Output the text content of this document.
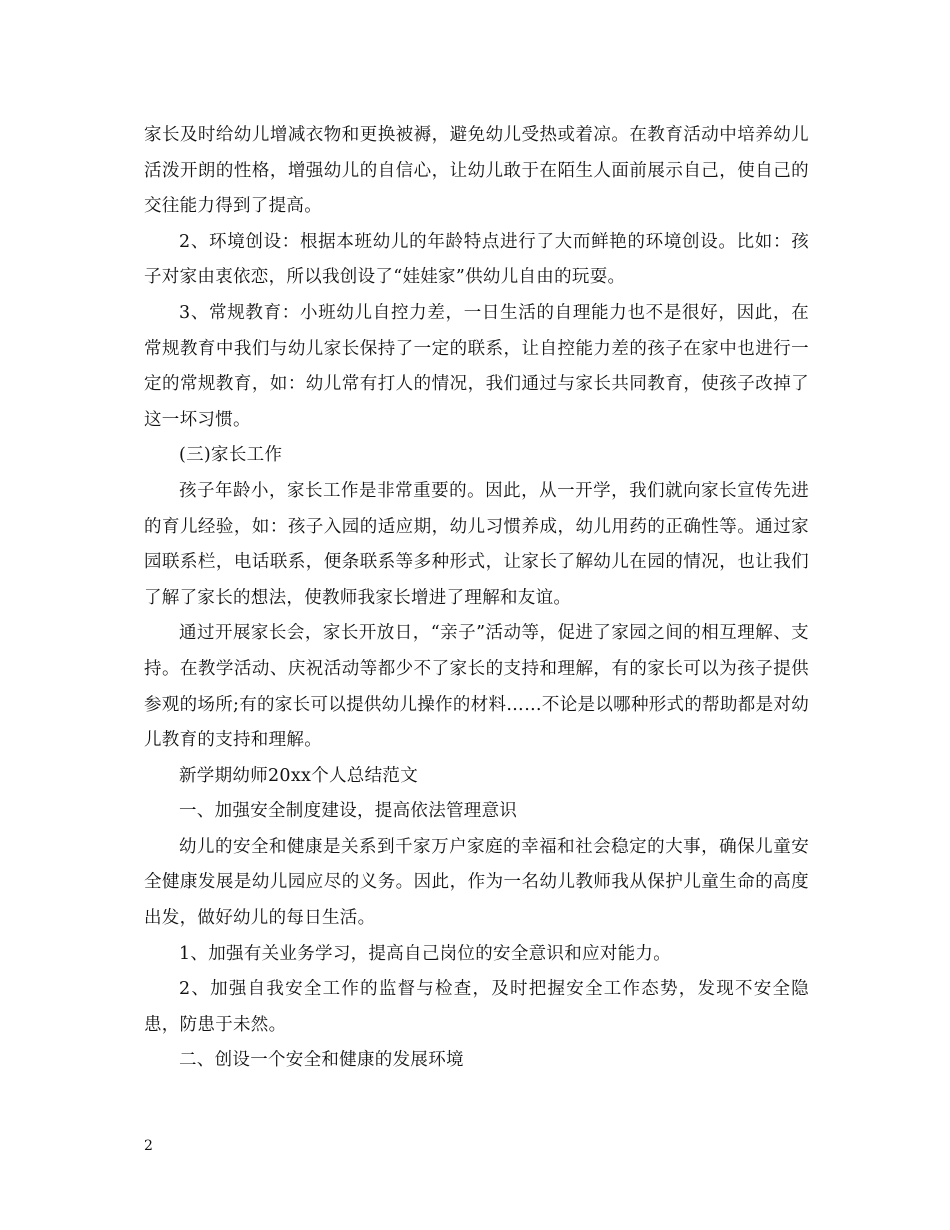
家长及时给幼儿增减衣物和更换被褥，避免幼儿受热或着凉。在教育活动中培养幼儿活泼开朗的性格，增强幼儿的自信心，让幼儿敢于在陌生人面前展示自己，使自己的交往能力得到了提高。

2、环境创设：根据本班幼儿的年龄特点进行了大而鲜艳的环境创设。比如：孩子对家由衷依恋，所以我创设了“娃娃家”供幼儿自由的玩耍。

3、常规教育：小班幼儿自控力差，一日生活的自理能力也不是很好，因此，在常规教育中我们与幼儿家长保持了一定的联系，让自控能力差的孩子在家中也进行一定的常规教育，如：幼儿常有打人的情况，我们通过与家长共同教育，使孩子改掉了这一坏习惯。

(三)家长工作

孩子年龄小，家长工作是非常重要的。因此，从一开学，我们就向家长宣传先进的育儿经验，如：孩子入园的适应期，幼儿习惯养成，幼儿用药的正确性等。通过家园联系栏，电话联系，便条联系等多种形式，让家长了解幼儿在园的情况，也让我们了解了家长的想法，使教师我家长增进了理解和友谊。

通过开展家长会，家长开放日，“亲子”活动等，促进了家园之间的相互理解、支持。在教学活动、庆祝活动等都少不了家长的支持和理解，有的家长可以为孩子提供参观的场所;有的家长可以提供幼儿操作的材料……不论是以哪种形式的帮助都是对幼儿教育的支持和理解。

新学期幼师20xx个人总结范文

一、加强安全制度建设，提高依法管理意识

幼儿的安全和健康是关系到千家万户家庭的幸福和社会稳定的大事，确保儿童安全健康发展是幼儿园应尽的义务。因此，作为一名幼儿教师我从保护儿童生命的高度出发，做好幼儿的每日生活。

1、加强有关业务学习，提高自己岗位的安全意识和应对能力。

2、加强自我安全工作的监督与检查，及时把握安全工作态势，发现不安全隐患，防患于未然。

二、创设一个安全和健康的发展环境

2
